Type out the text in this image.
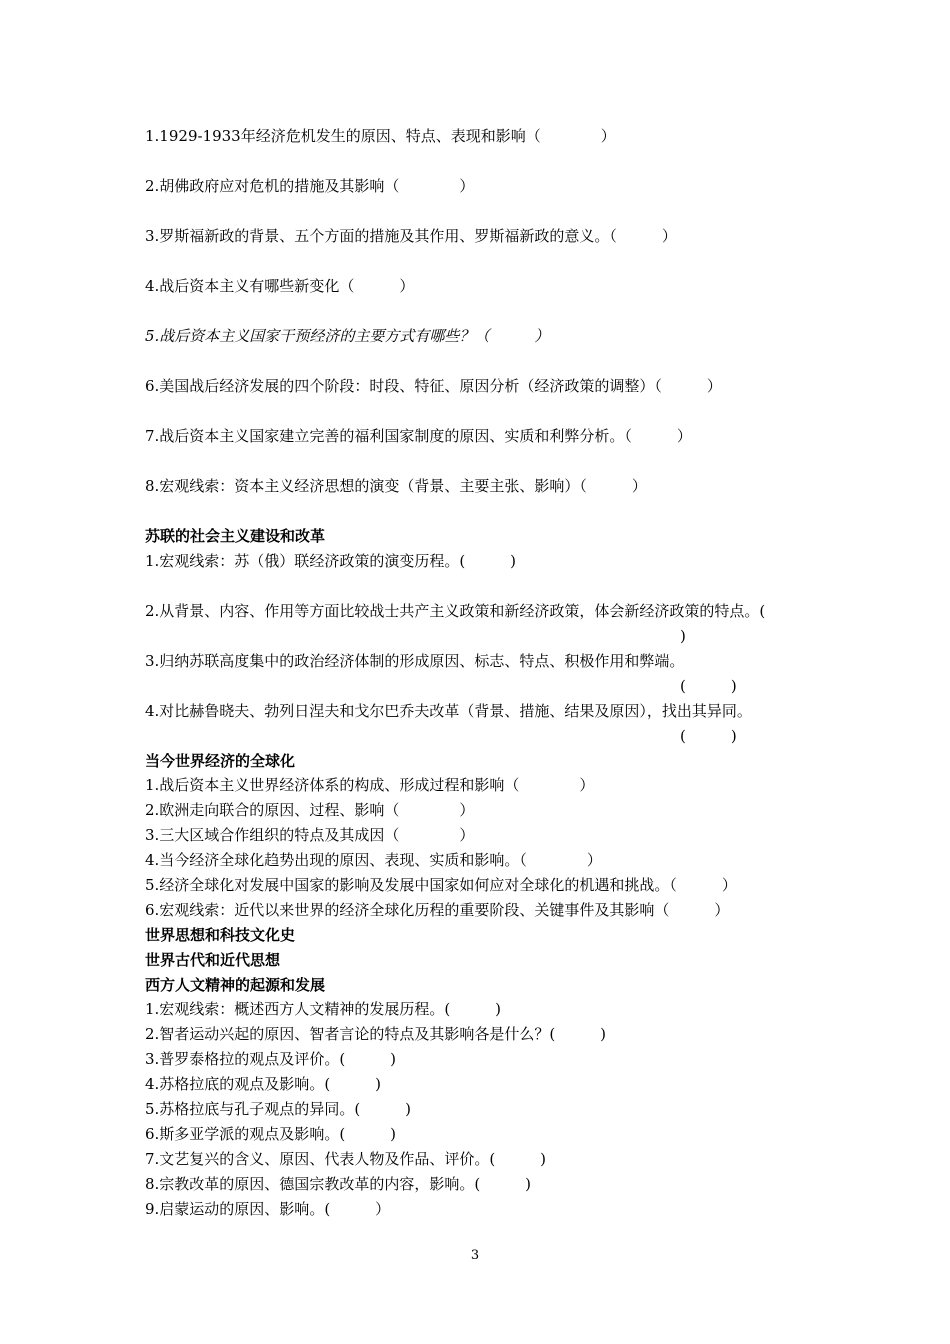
1.1929-1933年经济危机发生的原因、特点、表现和影响（　　　　）
2.胡佛政府应对危机的措施及其影响（　　　　）
3.罗斯福新政的背景、五个方面的措施及其作用、罗斯福新政的意义。（　　　）
4.战后资本主义有哪些新变化（　　　）
5.战后资本主义国家干预经济的主要方式有哪些？（　　　）
6.美国战后经济发展的四个阶段：时段、特征、原因分析（经济政策的调整）（　　　）
7.战后资本主义国家建立完善的福利国家制度的原因、实质和利弊分析。（　　　）
8.宏观线索：资本主义经济思想的演变（背景、主要主张、影响）（　　　）
苏联的社会主义建设和改革
1.宏观线索：苏（俄）联经济政策的演变历程。(　　　)
2.从背景、内容、作用等方面比较战士共产主义政策和新经济政策，体会新经济政策的特点。(
)
3.归纳苏联高度集中的政治经济体制的形成原因、标志、特点、积极作用和弊端。
(　　　)
4.对比赫鲁晓夫、勃列日涅夫和戈尔巴乔夫改革（背景、措施、结果及原因），找出其异同。
(　　　)
当今世界经济的全球化
1.战后资本主义世界经济体系的构成、形成过程和影响（　　　　）
2.欧洲走向联合的原因、过程、影响（　　　　）
3.三大区域合作组织的特点及其成因（　　　　）
4.当今经济全球化趋势出现的原因、表现、实质和影响。（　　　　）
5.经济全球化对发展中国家的影响及发展中国家如何应对全球化的机遇和挑战。（　　　）
6.宏观线索：近代以来世界的经济全球化历程的重要阶段、关键事件及其影响（　　　）
世界思想和科技文化史
世界古代和近代思想
西方人文精神的起源和发展
1.宏观线索：概述西方人文精神的发展历程。(　　　)
2.智者运动兴起的原因、智者言论的特点及其影响各是什么？(　　　)
3.普罗泰格拉的观点及评价。(　　　)
4.苏格拉底的观点及影响。(　　　)
5.苏格拉底与孔子观点的异同。(　　　)
6.斯多亚学派的观点及影响。(　　　)
7.文艺复兴的含义、原因、代表人物及作品、评价。(　　　)
8.宗教改革的原因、德国宗教改革的内容，影响。(　　　)
9.启蒙运动的原因、影响。(　　　）
3
